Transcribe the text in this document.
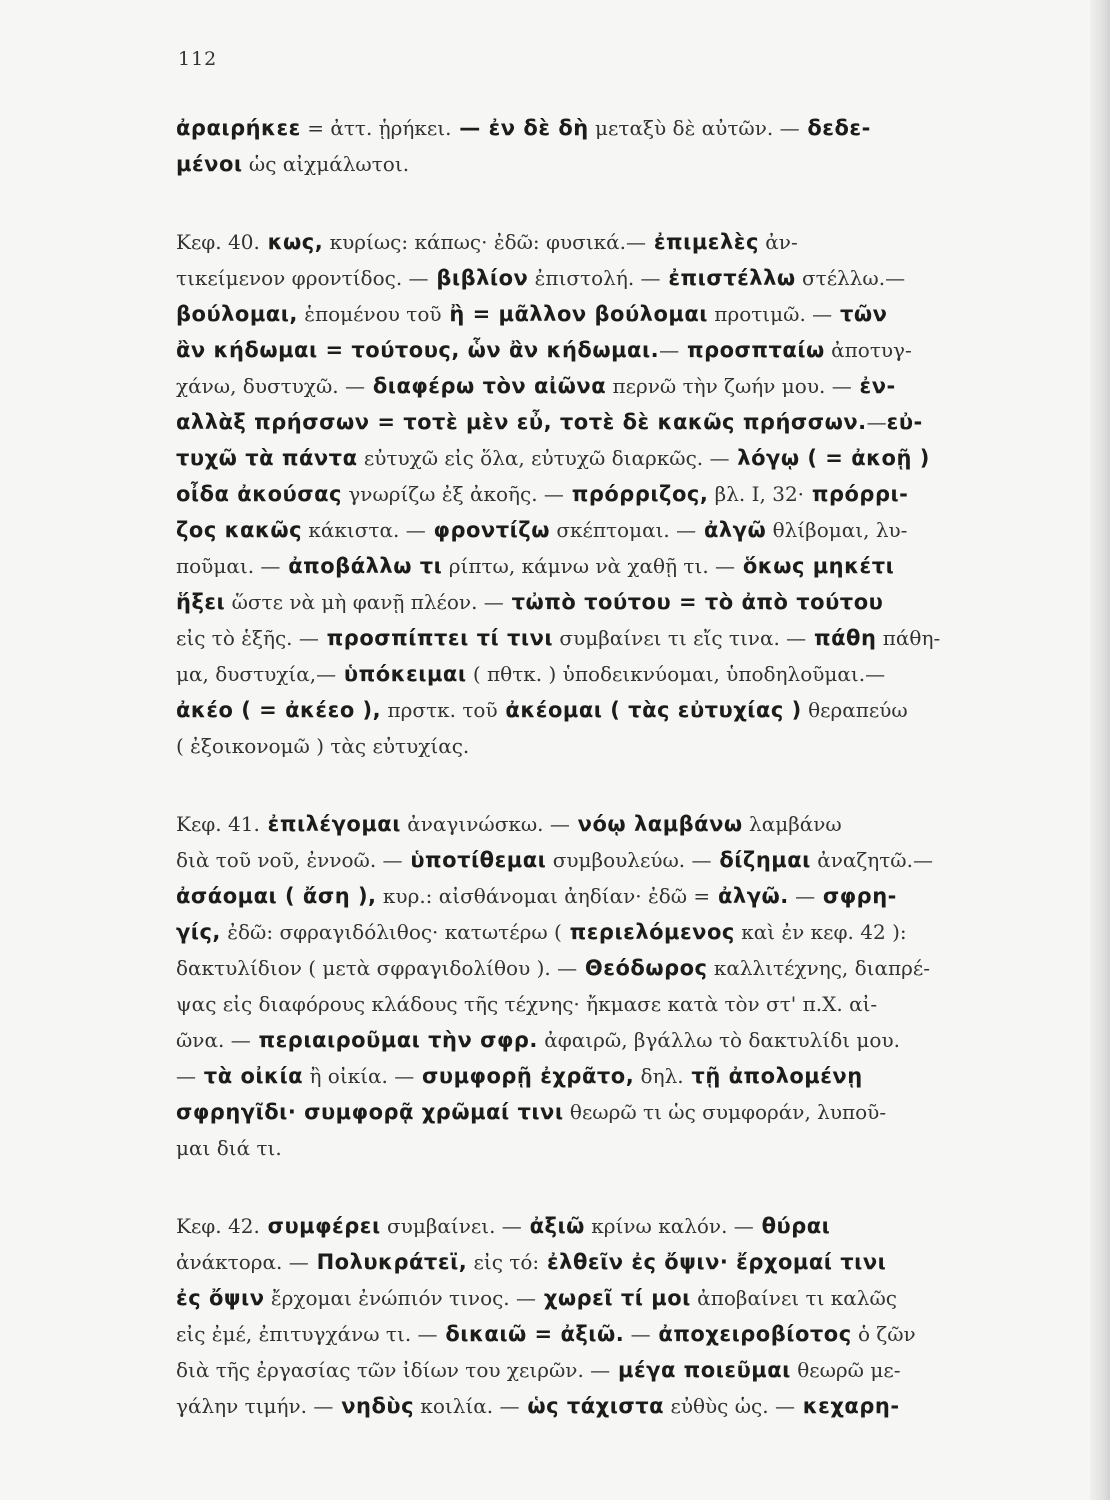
112

ἀραιρήκεε = ἀττ. ᾑρήκει. — ἐν δὲ δὴ μεταξὺ δὲ αὐτῶν. — δεδε-
μένοι ὡς αἰχμάλωτοι.

Κεφ. 40. κως, κυρίως: κάπως· ἐδῶ: φυσικά.— ἐπιμελὲς ἀν-
τικείμενον φροντίδος. — βιβλίον ἐπιστολή. — ἐπιστέλλω στέλλω.—
βούλομαι, ἑπομένου τοῦ ἢ = μᾶλλον βούλομαι προτιμῶ. — τῶν
ἂν κήδωμαι = τούτους, ὧν ἂν κήδωμαι.— προσπταίω ἀποτυγ-
χάνω, δυστυχῶ. — διαφέρω τὸν αἰῶνα περνῶ τὴν ζωήν μου. — ἐν-
αλλὰξ πρήσσων = τοτὲ μὲν εὖ, τοτὲ δὲ κακῶς πρήσσων.—εὐ-
τυχῶ τὰ πάντα εὐτυχῶ εἰς ὅλα, εὐτυχῶ διαρκῶς. — λόγῳ ( = ἀκοῇ )
οἶδα ἀκούσας γνωρίζω ἐξ ἀκοῆς. — πρόρριζος, βλ. Ι, 32· πρόρρι-
ζος κακῶς κάκιστα. — φροντίζω σκέπτομαι. — ἀλγῶ θλίβομαι, λυ-
ποῦμαι. — ἀποβάλλω τι ρίπτω, κάμνω νὰ χαθῇ τι. — ὅκως μηκέτι
ἥξει ὥστε νὰ μὴ φανῇ πλέον. — τὠπὸ τούτου = τὸ ἀπὸ τούτου
εἰς τὸ ἑξῆς. — προσπίπτει τί τινι συμβαίνει τι εἴς τινα. — πάθη πάθη-
μα, δυστυχία,— ὑπόκειμαι ( πθτκ. ) ὑποδεικνύομαι, ὑποδηλοῦμαι.—
ἀκέο ( = ἀκέεο ), πρστκ. τοῦ ἀκέομαι ( τὰς εὐτυχίας ) θεραπεύω
( ἐξοικονομῶ ) τὰς εὐτυχίας.

Κεφ. 41. ἐπιλέγομαι ἀναγινώσκω. — νόῳ λαμβάνω λαμβάνω
διὰ τοῦ νοῦ, ἐννοῶ. — ὑποτίθεμαι συμβουλεύω. — δίζημαι ἀναζητῶ.—
ἀσάομαι ( ἄση ), κυρ.: αἰσθάνομαι ἀηδίαν· ἐδῶ = ἀλγῶ. — σφρη-
γίς, ἐδῶ: σφραγιδόλιθος· κατωτέρω ( περιελόμενος καὶ ἐν κεφ. 42 ):
δακτυλίδιον ( μετὰ σφραγιδολίθου ). — Θεόδωρος καλλιτέχνης, διαπρέ-
ψας εἰς διαφόρους κλάδους τῆς τέχνης· ἤκμασε κατὰ τὸν στ' π.Χ. αἰ-
ῶνα. — περιαιροῦμαι τὴν σφρ. ἀφαιρῶ, βγάλλω τὸ δακτυλίδι μου.
— τὰ οἰκία ἢ οἰκία. — συμφορῇ ἐχρᾶτο, δηλ. τῇ ἀπολομένῃ
σφρηγῖδι· συμφορᾷ χρῶμαί τινι θεωρῶ τι ὡς συμφοράν, λυποῦ-
μαι διά τι.

Κεφ. 42. συμφέρει συμβαίνει. — ἀξιῶ κρίνω καλόν. — θύραι
ἀνάκτορα. — Πολυκράτεϊ, εἰς τό: ἐλθεῖν ἐς ὄψιν· ἔρχομαί τινι
ἐς ὄψιν ἔρχομαι ἐνώπιόν τινος. — χωρεῖ τί μοι ἀποβαίνει τι καλῶς
εἰς ἐμέ, ἐπιτυγχάνω τι. — δικαιῶ = ἀξιῶ. — ἀποχειροβίοτος ὁ ζῶν
διὰ τῆς ἐργασίας τῶν ἰδίων του χειρῶν. — μέγα ποιεῦμαι θεωρῶ με-
γάλην τιμήν. — νηδὺς κοιλία. — ὡς τάχιστα εὐθὺς ὡς. — κεχαρη-
